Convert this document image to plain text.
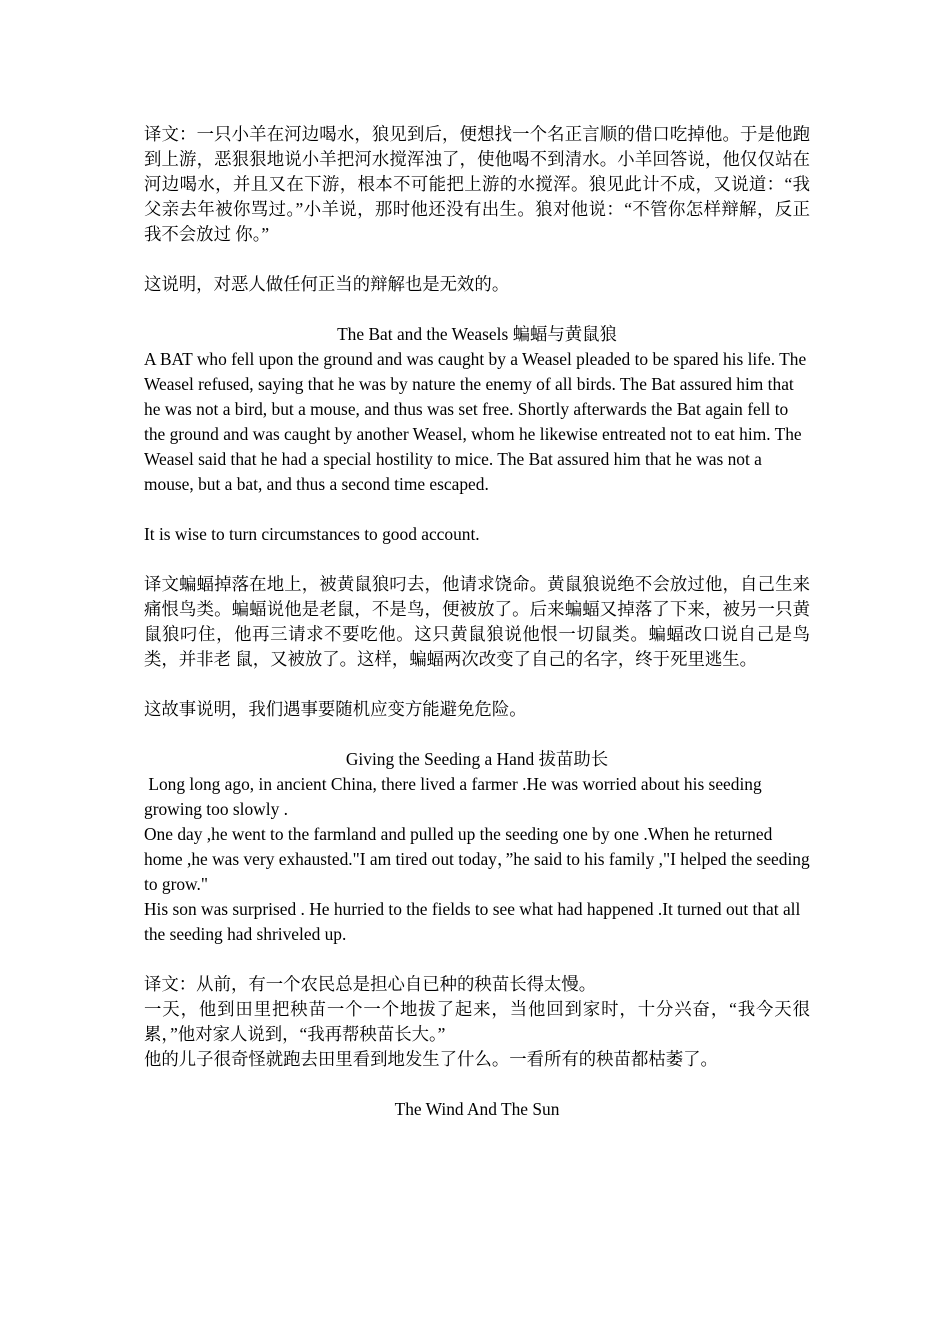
译文：一只小羊在河边喝水，狼见到后，便想找一个名正言顺的借口吃掉他。于是他跑到上游，恶狠狠地说小羊把河水搅浑浊了，使他喝不到清水。小羊回答说，他仅仅站在河边喝水，并且又在下游，根本不可能把上游的水搅浑。狼见此计不成，又说道：“我父亲去年被你骂过。”小羊说，那时他还没有出生。狼对他说：“不管你怎样辩解，反正我不会放过 你。”

这说明，对恶人做任何正当的辩解也是无效的。

The Bat and the Weasels 蝙蝠与黄鼠狼

A BAT who fell upon the ground and was caught by a Weasel pleaded to be spared his life. The Weasel refused, saying that he was by nature the enemy of all birds. The Bat assured him that he was not a bird, but a mouse, and thus was set free. Shortly afterwards the Bat again fell to the ground and was caught by another Weasel, whom he likewise entreated not to eat him. The Weasel said that he had a special hostility to mice. The Bat assured him that he was not a mouse, but a bat, and thus a second time escaped.

It is wise to turn circumstances to good account.

译文蝙蝠掉落在地上，被黄鼠狼叼去，他请求饶命。黄鼠狼说绝不会放过他，自己生来痛恨鸟类。蝙蝠说他是老鼠，不是鸟，便被放了。后来蝙蝠又掉落了下来，被另一只黄鼠狼叼住，他再三请求不要吃他。这只黄鼠狼说他恨一切鼠类。蝙蝠改口说自己是鸟类，并非老 鼠，又被放了。这样，蝙蝠两次改变了自己的名字，终于死里逃生。

这故事说明，我们遇事要随机应变方能避免危险。

Giving the Seeding a Hand 拔苗助长

Long long ago, in ancient China, there lived a farmer .He was worried about his seeding growing too slowly .

One day ,he went to the farmland and pulled up the seeding one by one .When he returned home ,he was very exhausted."I am tired out today，”he said to his family ,"I helped the seeding to grow."

His son was surprised . He hurried to the fields to see what had happened .It turned out that all the seeding had shriveled up.

译文：从前，有一个农民总是担心自已种的秧苗长得太慢。

一天，他到田里把秧苗一个一个地拔了起来，当他回到家时，十分兴奋，“我今天很累，”他对家人说到，“我再帮秧苗长大。”

他的儿子很奇怪就跑去田里看到地发生了什么。一看所有的秧苗都枯萎了。

The Wind And The Sun
